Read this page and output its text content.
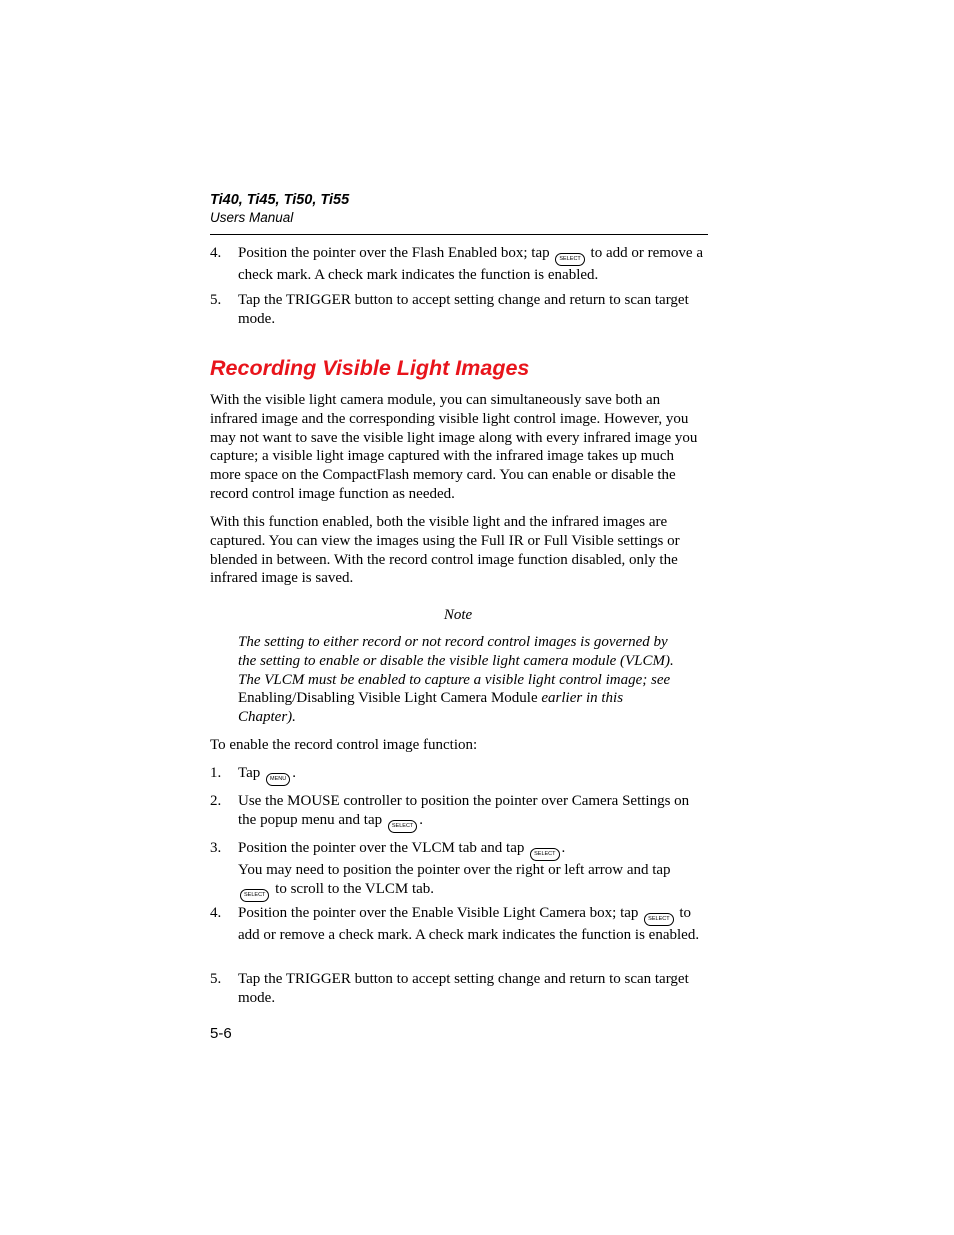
Ti40, Ti45, Ti50, Ti55
Users Manual
4. Position the pointer over the Flash Enabled box; tap SELECT to add or remove a check mark. A check mark indicates the function is enabled.
5. Tap the TRIGGER button to accept setting change and return to scan target mode.
Recording Visible Light Images
With the visible light camera module, you can simultaneously save both an infrared image and the corresponding visible light control image. However, you may not want to save the visible light image along with every infrared image you capture; a visible light image captured with the infrared image takes up much more space on the CompactFlash memory card. You can enable or disable the record control image function as needed.
With this function enabled, both the visible light and the infrared images are captured. You can view the images using the Full IR or Full Visible settings or blended in between. With the record control image function disabled, only the infrared image is saved.
Note
The setting to either record or not record control images is governed by the setting to enable or disable the visible light camera module (VLCM). The VLCM must be enabled to capture a visible light control image; see Enabling/Disabling Visible Light Camera Module earlier in this Chapter).
To enable the record control image function:
1. Tap MENU .
2. Use the MOUSE controller to position the pointer over Camera Settings on the popup menu and tap SELECT .
3. Position the pointer over the VLCM tab and tap SELECT .
You may need to position the pointer over the right or left arrow and tap SELECT to scroll to the VLCM tab.
4. Position the pointer over the Enable Visible Light Camera box; tap SELECT to add or remove a check mark. A check mark indicates the function is enabled.
5. Tap the TRIGGER button to accept setting change and return to scan target mode.
5-6
